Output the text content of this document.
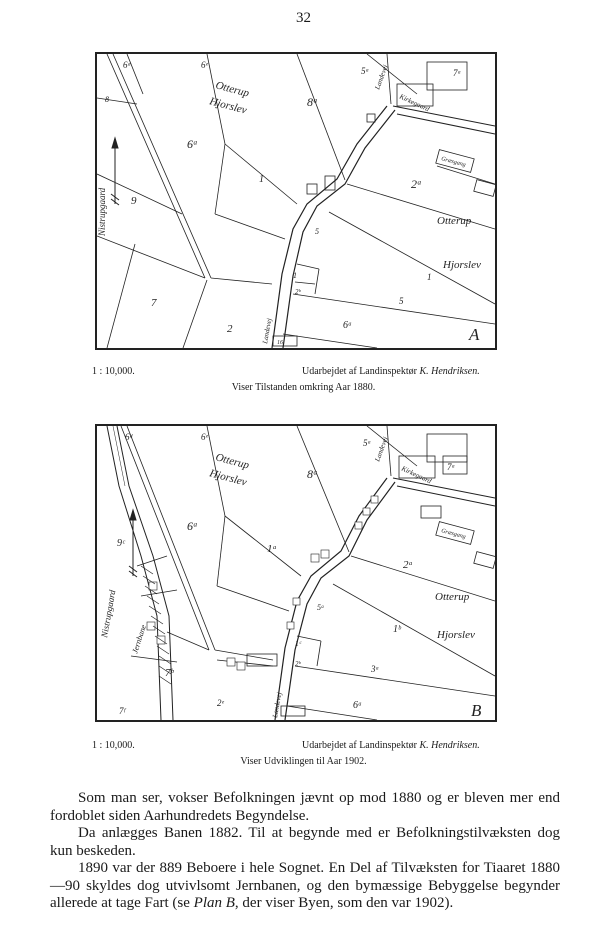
32
6ᵈ	6ᵉ
8	Otterup
Hjorslev	8ᵃ
5ᵃ	7ᵃ
Landevej
Kirkegaard
6ᵃ
1	2ᵃ
Græsgang
9
Nistrupgaard	Otterup
Hjorslev
1
5
1
2ᵇ
7
2
5
6ᵃ
16
Landevej	A
1 : 10,000.	Udarbejdet af Landinspektør K. Hendriksen.
Viser Tilstanden omkring Aar 1880.
6ᵈ	6ᵉ
Otterup
Hjorslev	8ᵃ
5ᵃ
7ᵃ
Landevej
Kirkegaard
6ᵃ
1ᵃ
2ᵃ
Græsgang
9ᶜ
Nistrupgaard
Jernbane
Otterup
Hjorslev
1ᵇ
5ᵃ
1ᶜ
2ᵇ
7ᵇ
7ᶠ
2ᵉ
3ᵃ
6ᵃ
Landevej	B
1 : 10,000.	Udarbejdet af Landinspektør K. Hendriksen.
Viser Udviklingen til Aar 1902.

Som man ser, vokser Befolkningen jævnt op mod 1880 og er bleven mer end fordoblet siden Aarhundredets Begyndelse.

Da anlægges Banen 1882. Til at begynde med er Befolkningstilvæksten dog kun beskeden.

1890 var der 889 Beboere i hele Sognet. En Del af Tilvæksten for Tiaaret 1880—90 skyldes dog utvivlsomt Jernbanen, og den bymæssige Bebyggelse begynder allerede at tage Fart (se Plan B, der viser Byen, som den var 1902).
